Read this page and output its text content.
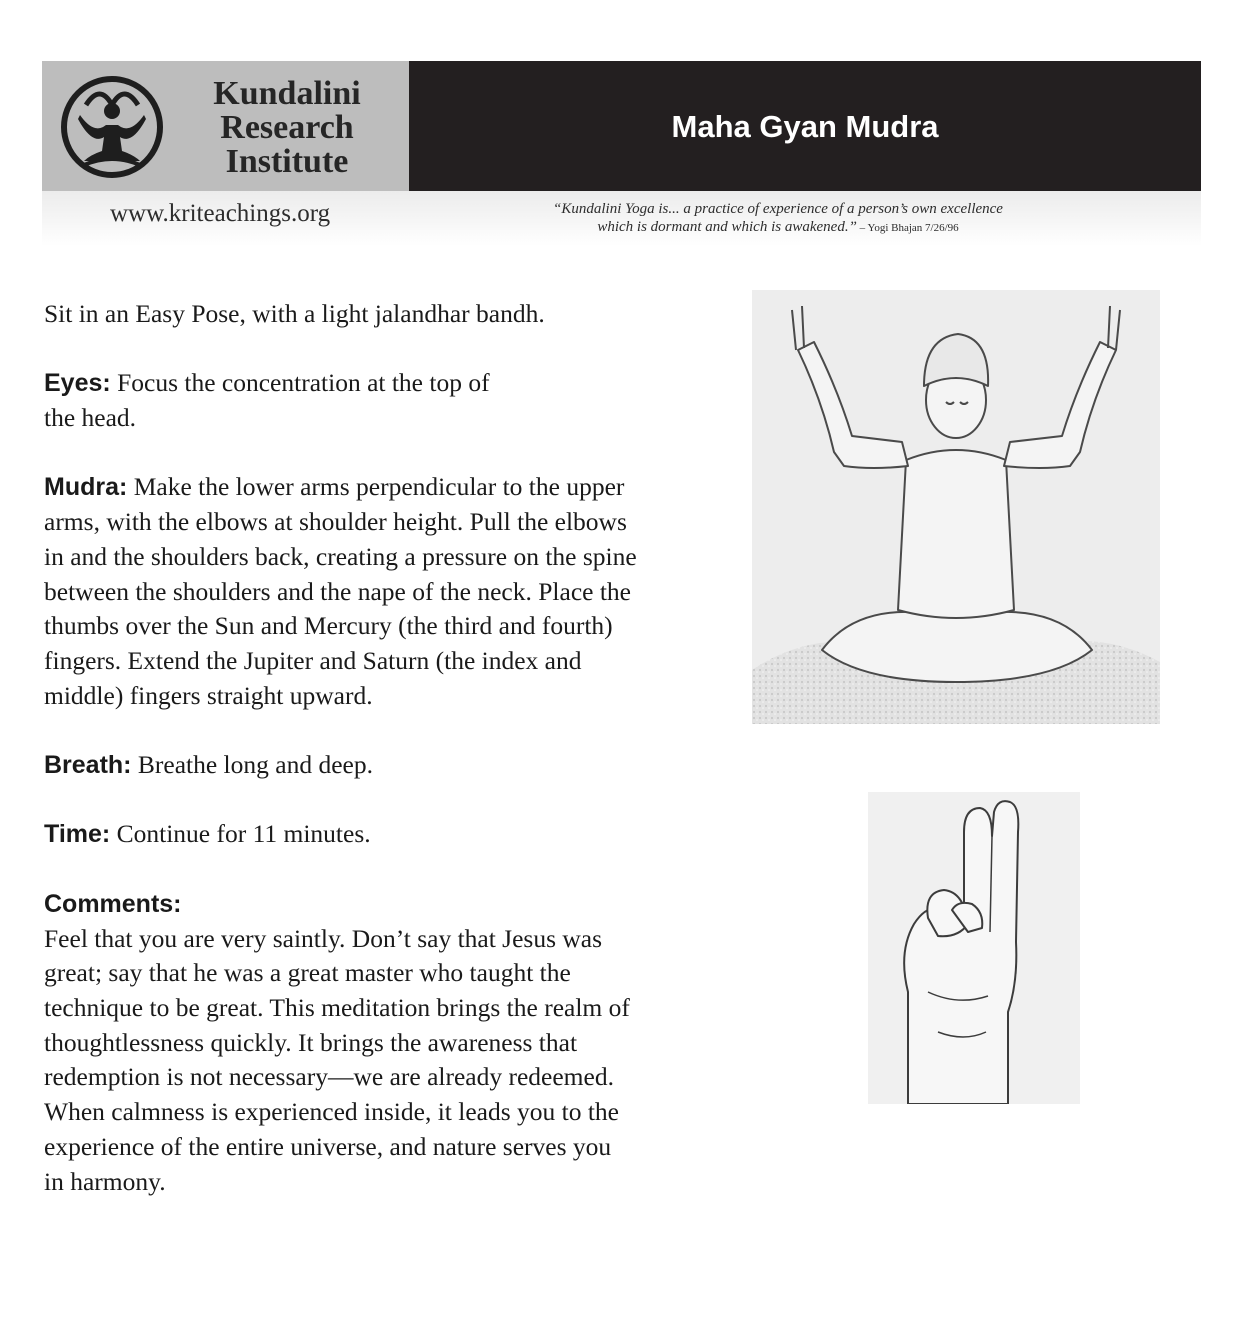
Kundalini
Research
Institute
Maha Gyan Mudra
www.kriteachings.org	“Kundalini Yoga is... a practice of experience of a person’s own excellence
which is dormant and which is awakened.” – Yogi Bhajan 7/26/96

Sit in an Easy Pose, with a light jalandhar bandh.

Eyes: Focus the concentration at the top of
the head.

Mudra: Make the lower arms perpendicular to the upper
arms, with the elbows at shoulder height. Pull the elbows
in and the shoulders back, creating a pressure on the spine
between the shoulders and the nape of the neck. Place the
thumbs over the Sun and Mercury (the third and fourth)
fingers. Extend the Jupiter and Saturn (the index and
middle) fingers straight upward.

Breath: Breathe long and deep.

Time: Continue for 11 minutes.

Comments:
Feel that you are very saintly. Don’t say that Jesus was
great; say that he was a great master who taught the
technique to be great. This meditation brings the realm of
thoughtlessness quickly. It brings the awareness that
redemption is not necessary—we are already redeemed.
When calmness is experienced inside, it leads you to the
experience of the entire universe, and nature serves you
in harmony.
